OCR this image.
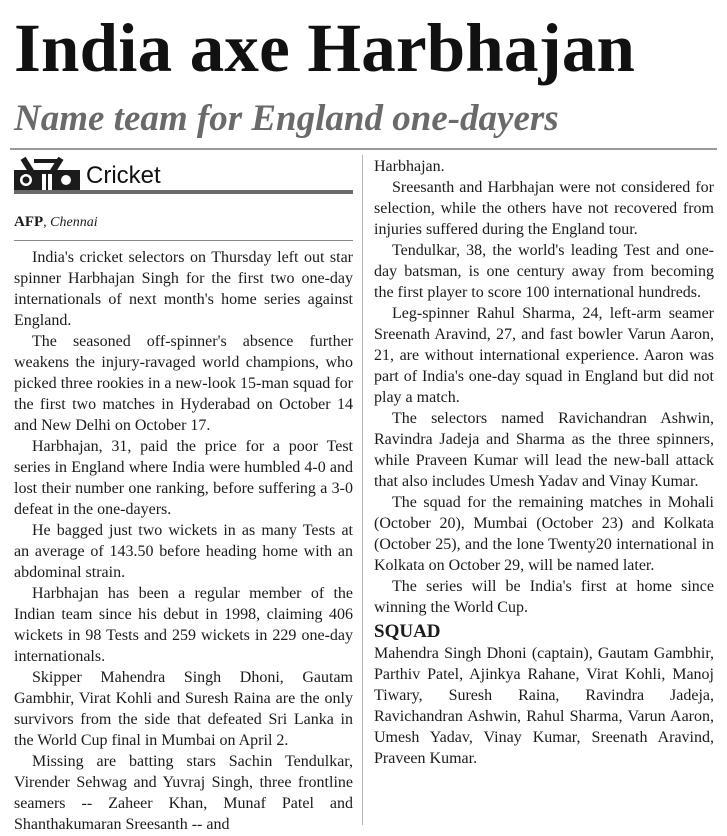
India axe Harbhajan
Name team for England one-dayers
Cricket
AFP, Chennai

India's cricket selectors on Thursday left out star spinner Harbhajan Singh for the first two one-day internationals of next month's home series against England.

The seasoned off-spinner's absence further weakens the injury-ravaged world champions, who picked three rookies in a new-look 15-man squad for the first two matches in Hyderabad on October 14 and New Delhi on October 17.

Harbhajan, 31, paid the price for a poor Test series in England where India were humbled 4-0 and lost their number one ranking, before suffering a 3-0 defeat in the one-dayers.

He bagged just two wickets in as many Tests at an average of 143.50 before heading home with an abdominal strain.

Harbhajan has been a regular member of the Indian team since his debut in 1998, claiming 406 wickets in 98 Tests and 259 wickets in 229 one-day internationals.

Skipper Mahendra Singh Dhoni, Gautam Gambhir, Virat Kohli and Suresh Raina are the only survivors from the side that defeated Sri Lanka in the World Cup final in Mumbai on April 2.

Missing are batting stars Sachin Tendulkar, Virender Sehwag and Yuvraj Singh, three frontline seamers -- Zaheer Khan, Munaf Patel and Shanthakumaran Sreesanth -- and

Harbhajan.

Sreesanth and Harbhajan were not considered for selection, while the others have not recovered from injuries suffered during the England tour.

Tendulkar, 38, the world's leading Test and one-day batsman, is one century away from becoming the first player to score 100 international hundreds.

Leg-spinner Rahul Sharma, 24, left-arm seamer Sreenath Aravind, 27, and fast bowler Varun Aaron, 21, are without international experience. Aaron was part of India's one-day squad in England but did not play a match.

The selectors named Ravichandran Ashwin, Ravindra Jadeja and Sharma as the three spinners, while Praveen Kumar will lead the new-ball attack that also includes Umesh Yadav and Vinay Kumar.

The squad for the remaining matches in Mohali (October 20), Mumbai (October 23) and Kolkata (October 25), and the lone Twenty20 international in Kolkata on October 29, will be named later.

The series will be India's first at home since winning the World Cup.

SQUAD

Mahendra Singh Dhoni (captain), Gautam Gambhir, Parthiv Patel, Ajinkya Rahane, Virat Kohli, Manoj Tiwary, Suresh Raina, Ravindra Jadeja, Ravichandran Ashwin, Rahul Sharma, Varun Aaron, Umesh Yadav, Vinay Kumar, Sreenath Aravind, Praveen Kumar.
